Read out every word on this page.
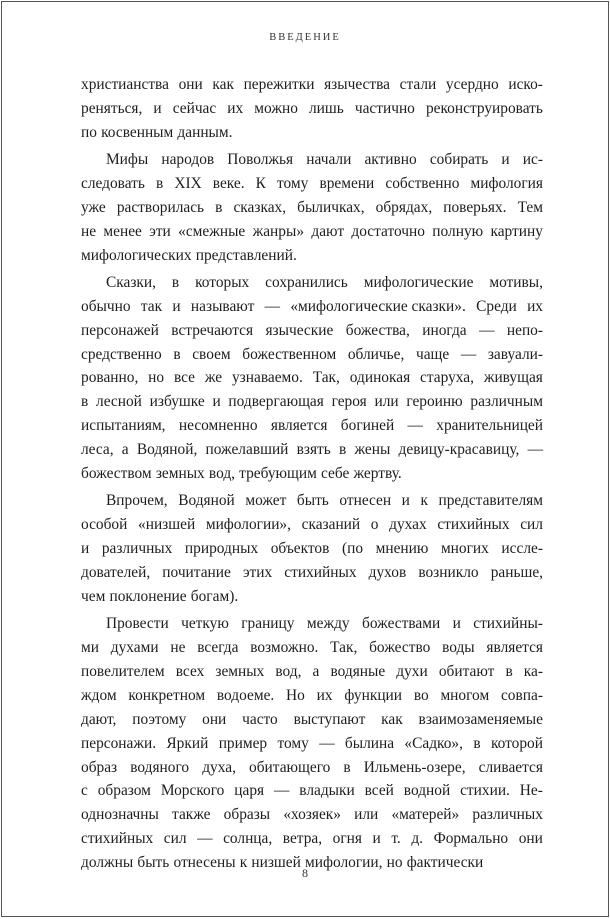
ВВЕДЕНИЕ
христианства они как пережитки язычества стали усердно иско-
реняться, и сейчас их можно лишь частично реконструировать
по косвенным данным.
Мифы народов Поволжья начали активно собирать и ис-
следовать в XIX веке. К тому времени собственно мифология
уже растворилась в сказках, быличках, обрядах, поверьях. Тем
не менее эти «смежные жанры» дают достаточно полную картину
мифологических представлений.
Сказки, в которых сохранились мифологические мотивы,
обычно так и называют — «мифологические сказки». Среди их
персонажей встречаются языческие божества, иногда — непо-
средственно в своем божественном обличье, чаще — завуали-
рованно, но все же узнаваемо. Так, одинокая старуха, живущая
в лесной избушке и подвергающая героя или героиню различным
испытаниям, несомненно является богиней — хранительницей
леса, а Водяной, пожелавший взять в жены девицу-красавицу, —
божеством земных вод, требующим себе жертву.
Впрочем, Водяной может быть отнесен и к представителям
особой «низшей мифологии», сказаний о духах стихийных сил
и различных природных объектов (по мнению многих иссле-
дователей, почитание этих стихийных духов возникло раньше,
чем поклонение богам).
Провести четкую границу между божествами и стихийны-
ми духами не всегда возможно. Так, божество воды является
повелителем всех земных вод, а водяные духи обитают в ка-
ждом конкретном водоеме. Но их функции во многом совпа-
дают, поэтому они часто выступают как взаимозаменяемые
персонажи. Яркий пример тому — былина «Садко», в которой
образ водяного духа, обитающего в Ильмень-озере, сливается
с образом Морского царя — владыки всей водной стихии. Не-
однозначны также образы «хозяек» или «матерей» различных
стихийных сил — солнца, ветра, огня и т. д. Формально они
должны быть отнесены к низшей мифологии, но фактически
8
